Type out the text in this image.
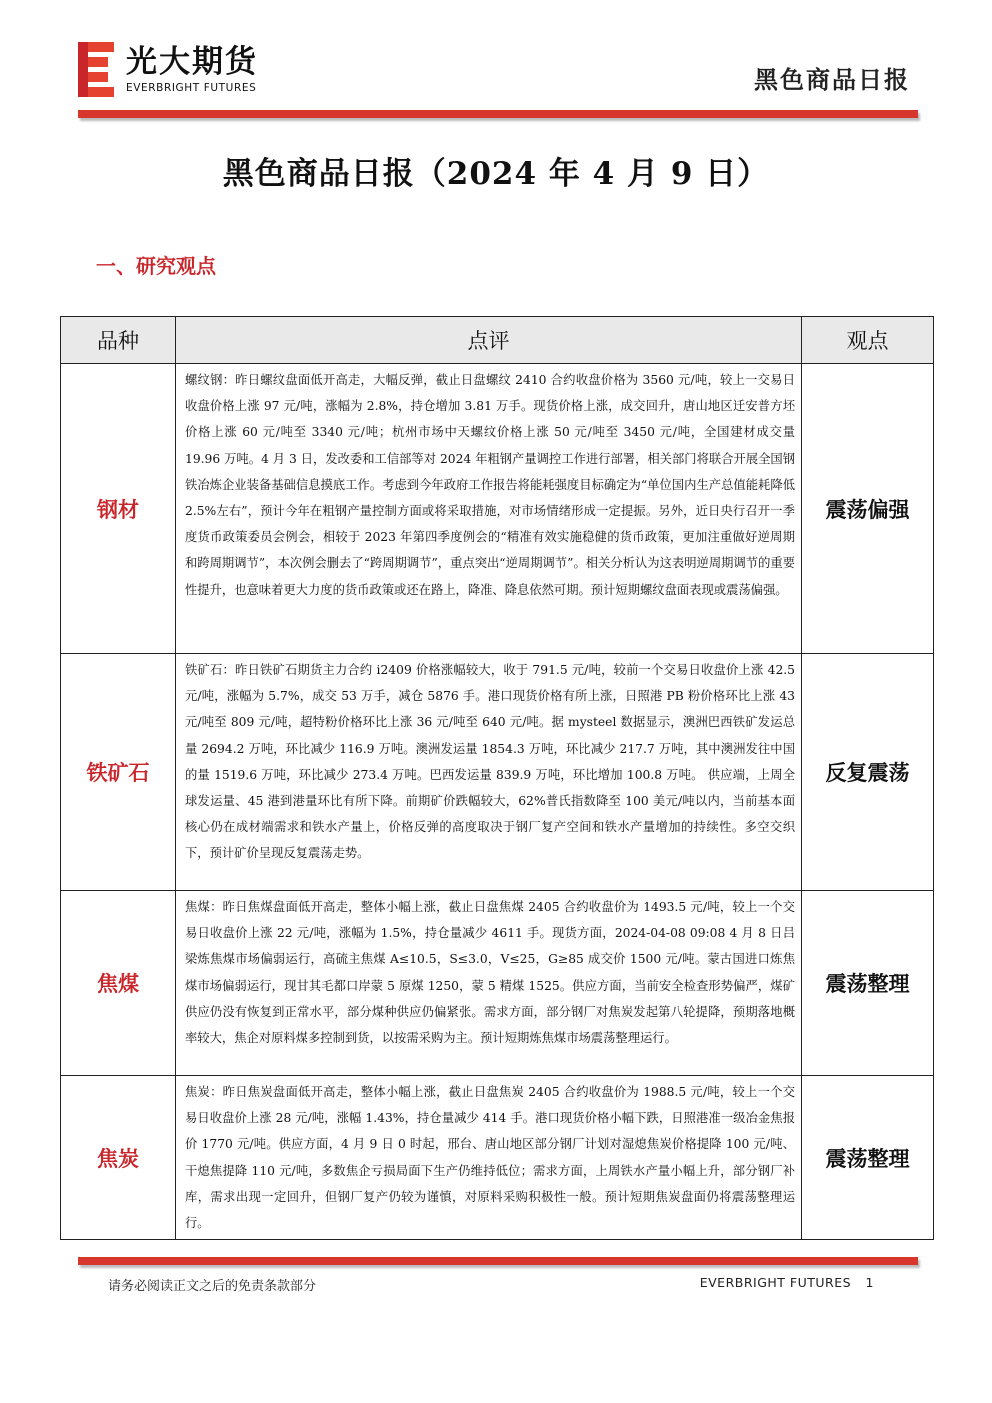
光大期货
EVERBRIGHT FUTURES	黑色商品日报
黑色商品日报（2024 年 4 月 9 日）
一、研究观点
品种	点评	观点
钢材	螺纹钢：昨日螺纹盘面低开高走，大幅反弹，截止日盘螺纹 2410 合约收盘价格为 3560 元/吨，较上一交易日收盘价格上涨 97 元/吨，涨幅为 2.8%，持仓增加 3.81 万手。现货价格上涨，成交回升，唐山地区迁安普方坯价格上涨 60 元/吨至 3340 元/吨；杭州市场中天螺纹价格上涨 50 元/吨至 3450 元/吨，全国建材成交量 19.96 万吨。4 月 3 日，发改委和工信部等对 2024 年粗钢产量调控工作进行部署，相关部门将联合开展全国钢铁冶炼企业装备基础信息摸底工作。考虑到今年政府工作报告将能耗强度目标确定为“单位国内生产总值能耗降低 2.5%左右”，预计今年在粗钢产量控制方面或将采取措施，对市场情绪形成一定提振。另外，近日央行召开一季度货币政策委员会例会，相较于 2023 年第四季度例会的“精准有效实施稳健的货币政策，更加注重做好逆周期和跨周期调节”，本次例会删去了“跨周期调节”，重点突出“逆周期调节”。相关分析认为这表明逆周期调节的重要性提升，也意味着更大力度的货币政策或还在路上，降准、降息依然可期。预计短期螺纹盘面表现或震荡偏强。	震荡偏强
铁矿石	铁矿石：昨日铁矿石期货主力合约 i2409 价格涨幅较大，收于 791.5 元/吨，较前一个交易日收盘价上涨 42.5 元/吨，涨幅为 5.7%，成交 53 万手，减仓 5876 手。港口现货价格有所上涨，日照港 PB 粉价格环比上涨 43 元/吨至 809 元/吨，超特粉价格环比上涨 36 元/吨至 640 元/吨。据 mysteel 数据显示，澳洲巴西铁矿发运总量 2694.2 万吨，环比减少 116.9 万吨。澳洲发运量 1854.3 万吨，环比减少 217.7 万吨，其中澳洲发往中国的量 1519.6 万吨，环比减少 273.4 万吨。巴西发运量 839.9 万吨，环比增加 100.8 万吨。 供应端，上周全球发运量、45 港到港量环比有所下降。前期矿价跌幅较大，62%普氏指数降至 100 美元/吨以内，当前基本面核心仍在成材端需求和铁水产量上，价格反弹的高度取决于钢厂复产空间和铁水产量增加的持续性。多空交织下，预计矿价呈现反复震荡走势。	反复震荡
焦煤	焦煤：昨日焦煤盘面低开高走，整体小幅上涨，截止日盘焦煤 2405 合约收盘价为 1493.5 元/吨，较上一个交易日收盘价上涨 22 元/吨，涨幅为 1.5%，持仓量减少 4611 手。现货方面，2024-04-08 09:08 4 月 8 日吕梁炼焦煤市场偏弱运行，高硫主焦煤 A≤10.5，S≤3.0，V≤25，G≥85 成交价 1500 元/吨。蒙古国进口炼焦煤市场偏弱运行，现甘其毛都口岸蒙 5 原煤 1250，蒙 5 精煤 1525。供应方面，当前安全检查形势偏严，煤矿供应仍没有恢复到正常水平，部分煤种供应仍偏紧张。需求方面，部分钢厂对焦炭发起第八轮提降，预期落地概率较大，焦企对原料煤多控制到货，以按需采购为主。预计短期炼焦煤市场震荡整理运行。	震荡整理
焦炭	焦炭：昨日焦炭盘面低开高走，整体小幅上涨，截止日盘焦炭 2405 合约收盘价为 1988.5 元/吨，较上一个交易日收盘价上涨 28 元/吨，涨幅 1.43%，持仓量减少 414 手。港口现货价格小幅下跌，日照港准一级冶金焦报价 1770 元/吨。供应方面，4 月 9 日 0 时起，邢台、唐山地区部分钢厂计划对湿熄焦炭价格提降 100 元/吨、干熄焦提降 110 元/吨，多数焦企亏损局面下生产仍维持低位；需求方面，上周铁水产量小幅上升，部分钢厂补库，需求出现一定回升，但钢厂复产仍较为谨慎，对原料采购积极性一般。预计短期焦炭盘面仍将震荡整理运行。	震荡整理
请务必阅读正文之后的免责条款部分	EVERBRIGHT FUTURES 1
